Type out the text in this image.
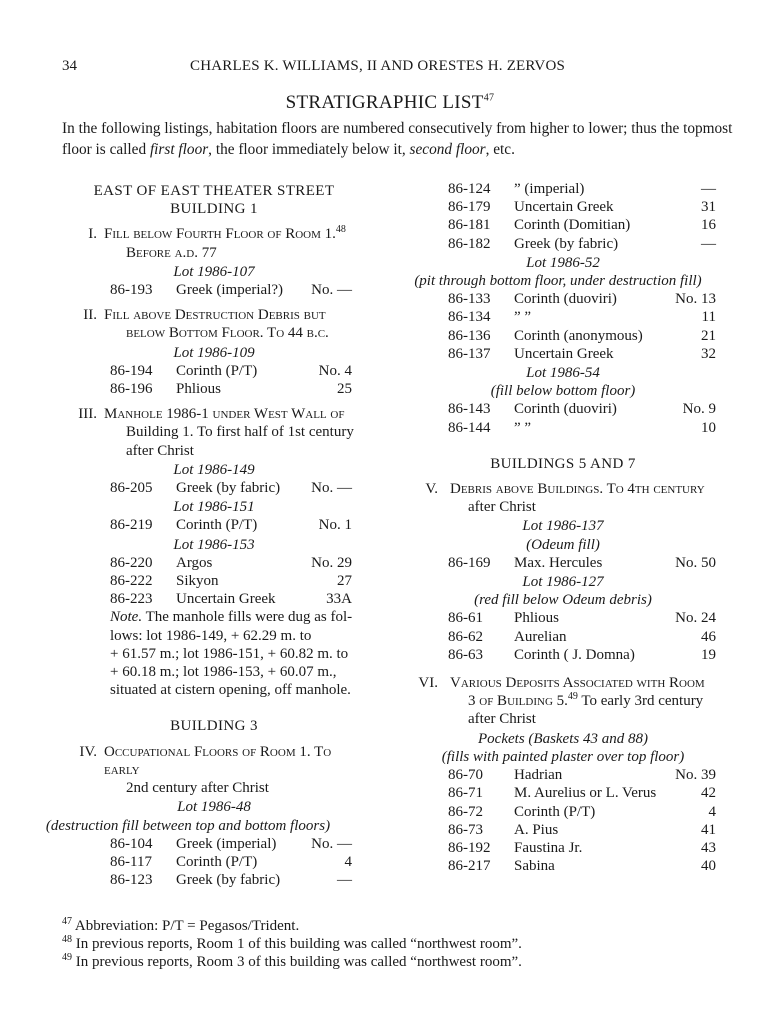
34	CHARLES K. WILLIAMS, II AND ORESTES H. ZERVOS
STRATIGRAPHIC LIST$^{47}$
In the following listings, habitation floors are numbered consecutively from higher to lower; thus the topmost
floor is called first floor, the floor immediately below it, second floor, etc.
EAST OF EAST THEATER STREET
BUILDING 1
I. Fill below Fourth Floor of Room 1.48
Before a.d. 77
Lot 1986-107
86-193	Greek (imperial?)	No. —
II. Fill above Destruction Debris but
below Bottom Floor. To 44 b.c.
Lot 1986-109
86-194	Corinth (P/T)	No. 4
86-196	Phlious	25
III. Manhole 1986-1 under West Wall of
Building 1. To first half of 1st century
after Christ
Lot 1986-149
86-205	Greek (by fabric)	No. —
Lot 1986-151
86-219	Corinth (P/T)	No. 1
Lot 1986-153
86-220	Argos	No. 29
86-222	Sikyon	27
86-223	Uncertain Greek	33A
Note. The manhole fills were dug as fol-
lows: lot 1986-149, + 62.29 m. to
+ 61.57 m.; lot 1986-151, + 60.82 m. to
+ 60.18 m.; lot 1986-153, + 60.07 m.,
situated at cistern opening, off manhole.
BUILDING 3
IV. Occupational Floors of Room 1. To early
2nd century after Christ
Lot 1986-48
(destruction fill between top and bottom floors)
86-104	Greek (imperial)	No. —
86-117	Corinth (P/T)	4
86-123	Greek (by fabric)	—
86-124	” (imperial)	—
86-179	Uncertain Greek	31
86-181	Corinth (Domitian)	16
86-182	Greek (by fabric)	—
Lot 1986-52
(pit through bottom floor, under destruction fill)
86-133	Corinth (duoviri)	No. 13
86-134	” ”	11
86-136	Corinth (anonymous)	21
86-137	Uncertain Greek	32
Lot 1986-54
(fill below bottom floor)
86-143	Corinth (duoviri)	No. 9
86-144	” ”	10
BUILDINGS 5 AND 7
V. Debris above Buildings. To 4th century
after Christ
Lot 1986-137
(Odeum fill)
86-169	Max. Hercules	No. 50
Lot 1986-127
(red fill below Odeum debris)
86-61	Phlious	No. 24
86-62	Aurelian	46
86-63	Corinth ( J. Domna)	19
VI. Various Deposits Associated with Room
3 of Building 5.49 To early 3rd century
after Christ
Pockets (Baskets 43 and 88)
(fills with painted plaster over top floor)
86-70	Hadrian	No. 39
86-71	M. Aurelius or L. Verus	42
86-72	Corinth (P/T)	4
86-73	A. Pius	41
86-192	Faustina Jr.	43
86-217	Sabina	40
$^{47}$ Abbreviation: P/T = Pegasos/Trident.
$^{48}$ In previous reports, Room 1 of this building was called “northwest room”.
$^{49}$ In previous reports, Room 3 of this building was called “northwest room”.
